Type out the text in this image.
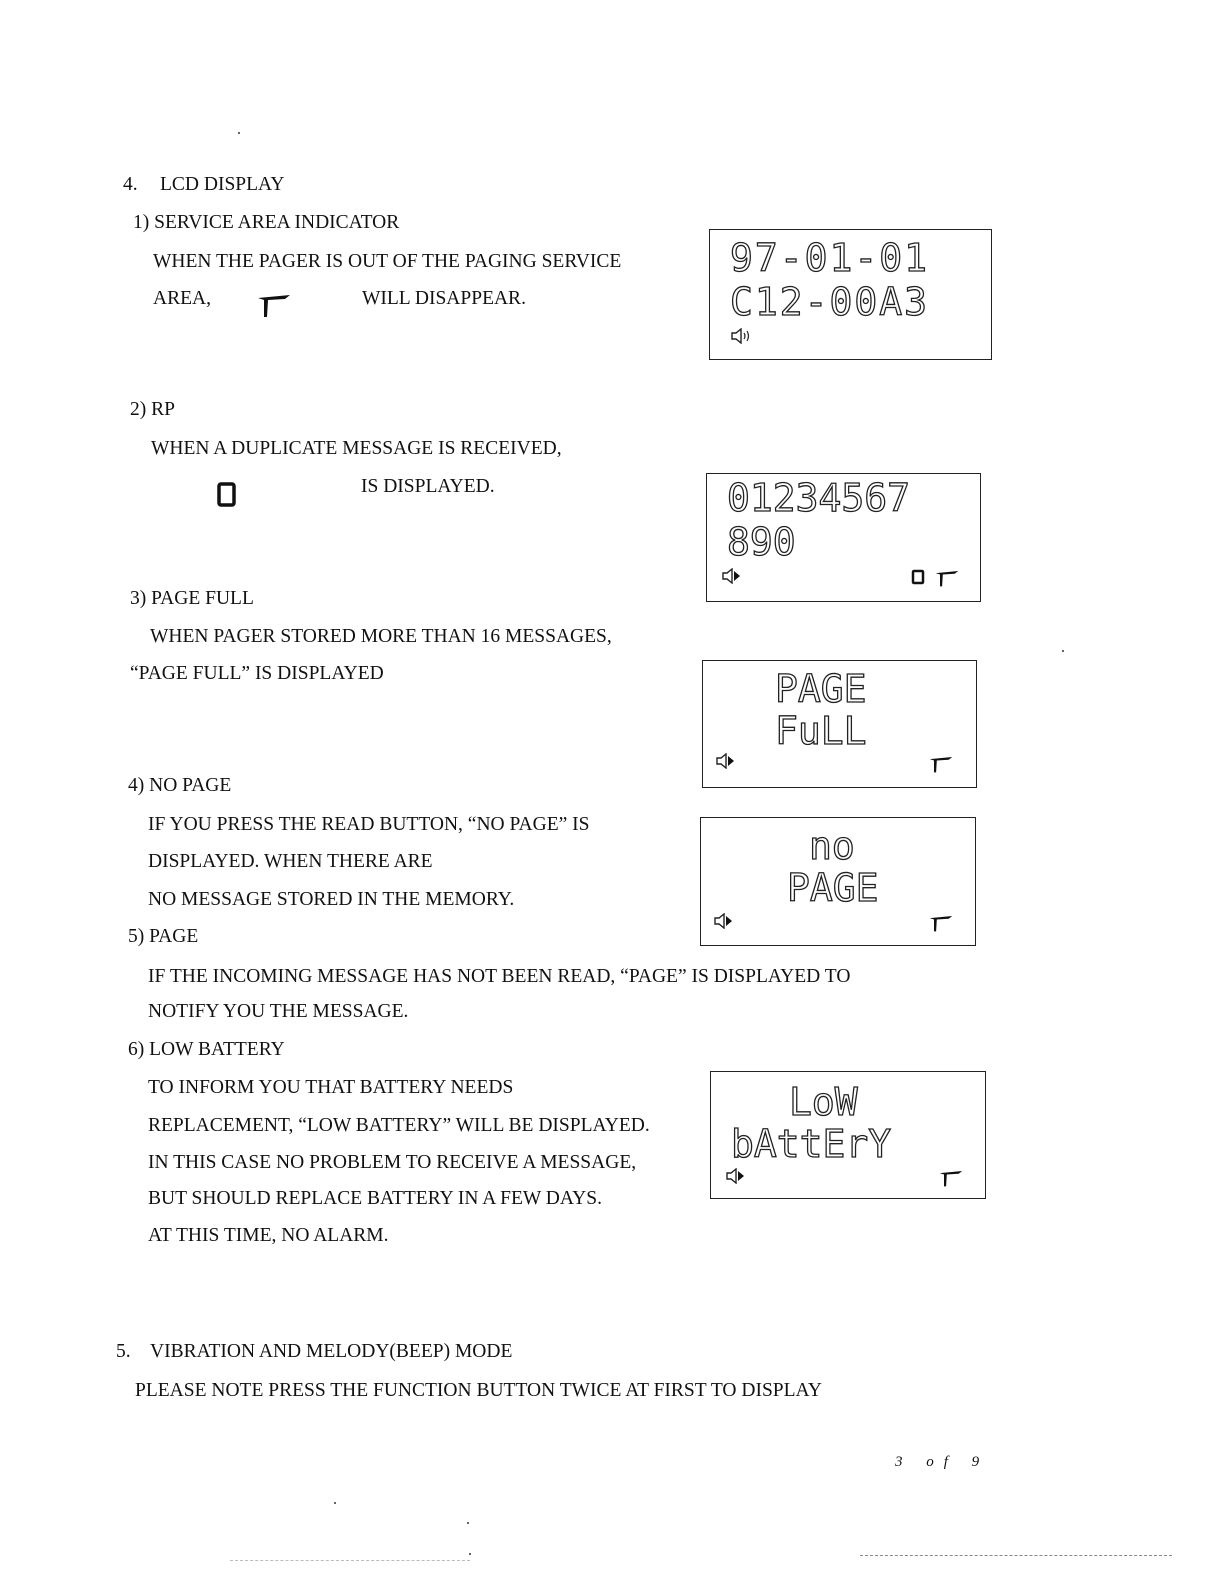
4. LCD DISPLAY
1) SERVICE AREA INDICATOR
WHEN THE PAGER IS OUT OF THE PAGING SERVICE
AREA,	WILL DISAPPEAR.
97-01-01
C12-00A3
2) RP
WHEN A DUPLICATE MESSAGE IS RECEIVED,
IS DISPLAYED.	01234567
890
3) PAGE FULL
WHEN PAGER STORED MORE THAN 16 MESSAGES,
“PAGE FULL” IS DISPLAYED	PAGE
FuLL
4) NO PAGE
IF YOU PRESS THE READ BUTTON, “NO PAGE” IS
DISPLAYED. WHEN THERE ARE
NO MESSAGE STORED IN THE MEMORY.
no
PAGE
5) PAGE
IF THE INCOMING MESSAGE HAS NOT BEEN READ, “PAGE” IS DISPLAYED TO
NOTIFY YOU THE MESSAGE.
6) LOW BATTERY
TO INFORM YOU THAT BATTERY NEEDS
REPLACEMENT, “LOW BATTERY” WILL BE DISPLAYED.
IN THIS CASE NO PROBLEM TO RECEIVE A MESSAGE,
BUT SHOULD REPLACE BATTERY IN A FEW DAYS.
AT THIS TIME, NO ALARM.
LoW
bAttErY
5. VIBRATION AND MELODY(BEEP) MODE
PLEASE NOTE PRESS THE FUNCTION BUTTON TWICE AT FIRST TO DISPLAY
3 of 9
